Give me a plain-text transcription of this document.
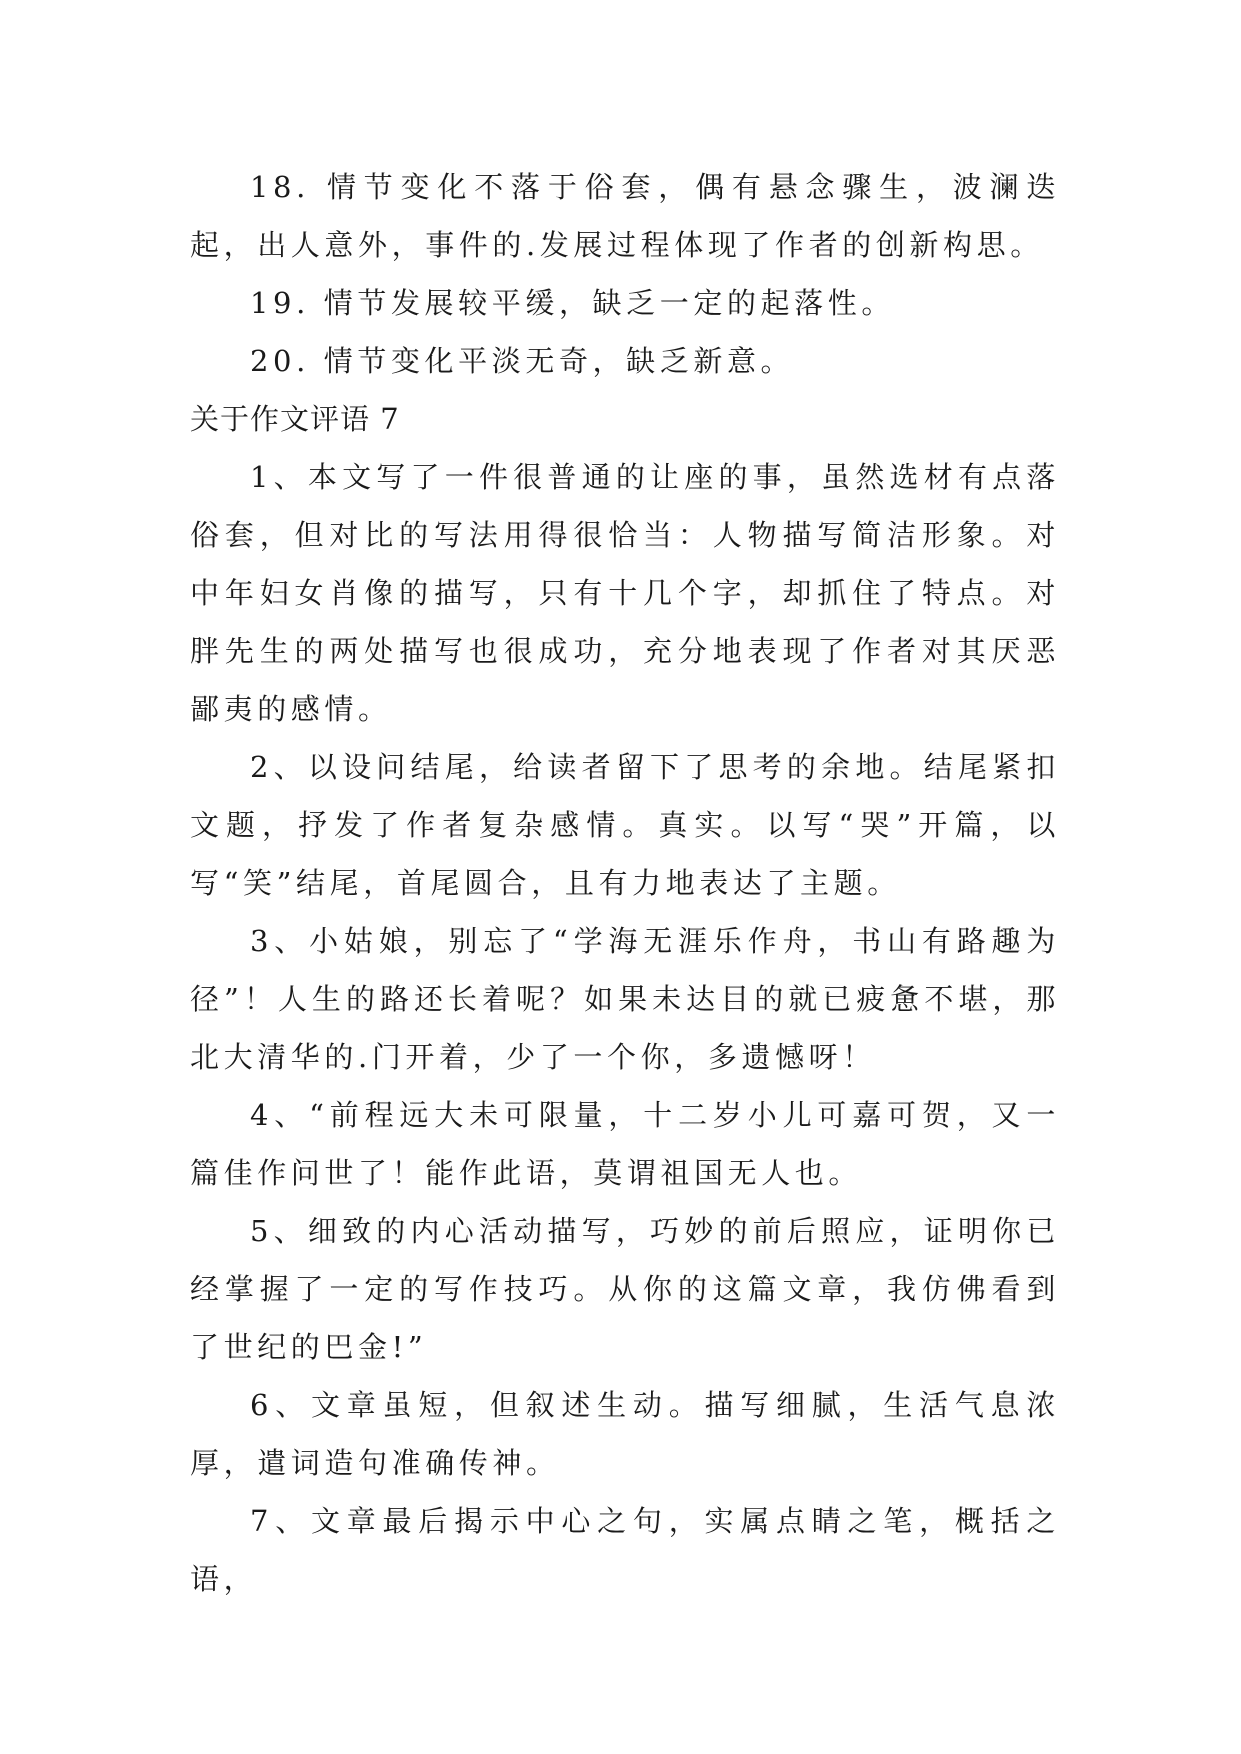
18. 情节变化不落于俗套，偶有悬念骤生，波澜迭起，出人意外，事件的.发展过程体现了作者的创新构思。

19. 情节发展较平缓，缺乏一定的起落性。

20. 情节变化平淡无奇，缺乏新意。

关于作文评语 7

1、本文写了一件很普通的让座的事，虽然选材有点落俗套，但对比的写法用得很恰当：人物描写简洁形象。对中年妇女肖像的描写，只有十几个字，却抓住了特点。对胖先生的两处描写也很成功，充分地表现了作者对其厌恶鄙夷的感情。

2、以设问结尾，给读者留下了思考的余地。结尾紧扣文题，抒发了作者复杂感情。真实。以写“哭”开篇，以写“笑”结尾，首尾圆合，且有力地表达了主题。

3、小姑娘，别忘了“学海无涯乐作舟，书山有路趣为径”！人生的路还长着呢？如果未达目的就已疲惫不堪，那北大清华的.门开着，少了一个你，多遗憾呀！

4、“前程远大未可限量，十二岁小儿可嘉可贺，又一篇佳作问世了！能作此语，莫谓祖国无人也。

5、细致的内心活动描写，巧妙的前后照应，证明你已经掌握了一定的写作技巧。从你的这篇文章，我仿佛看到了世纪的巴金!”

6、文章虽短，但叙述生动。描写细腻，生活气息浓厚，遣词造句准确传神。

7、文章最后揭示中心之句，实属点睛之笔，概括之语，
